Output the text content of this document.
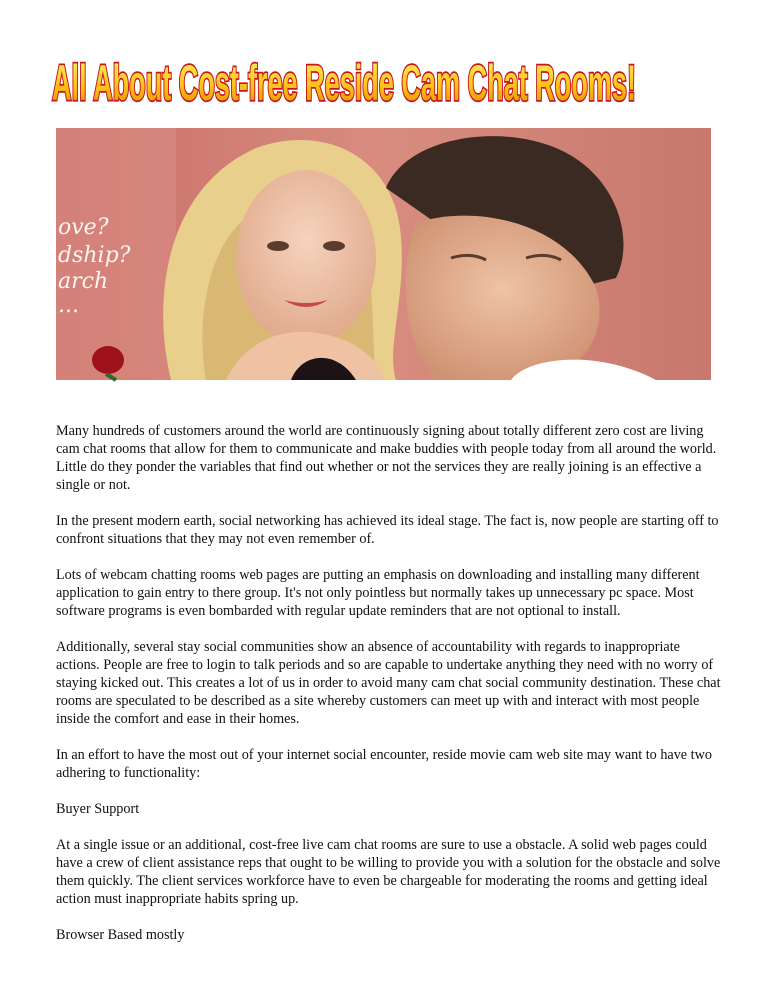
All About Cost-free Reside Cam Chat Rooms!
ove?
dship?
arch
...

Many hundreds of customers around the world are continuously signing about totally different zero cost are living cam chat rooms that allow for them to communicate and make buddies with people today from all around the world. Little do they ponder the variables that find out whether or not the services they are really joining is an effective a single or not.

In the present modern earth, social networking has achieved its ideal stage. The fact is, now people are starting off to confront situations that they may not even remember of.

Lots of webcam chatting rooms web pages are putting an emphasis on downloading and installing many different application to gain entry to there group. It's not only pointless but normally takes up unnecessary pc space. Most software programs is even bombarded with regular update reminders that are not optional to install.

Additionally, several stay social communities show an absence of accountability with regards to inappropriate actions. People are free to login to talk periods and so are capable to undertake anything they need with no worry of staying kicked out. This creates a lot of us in order to avoid many cam chat social community destination. These chat rooms are speculated to be described as a site whereby customers can meet up with and interact with most people inside the comfort and ease in their homes.

In an effort to have the most out of your internet social encounter, reside movie cam web site may want to have two adhering to functionality:

Buyer Support

At a single issue or an additional, cost-free live cam chat rooms are sure to use a obstacle. A solid web pages could have a crew of client assistance reps that ought to be willing to provide you with a solution for the obstacle and solve them quickly. The client services workforce have to even be chargeable for moderating the rooms and getting ideal action must inappropriate habits spring up.

Browser Based mostly
